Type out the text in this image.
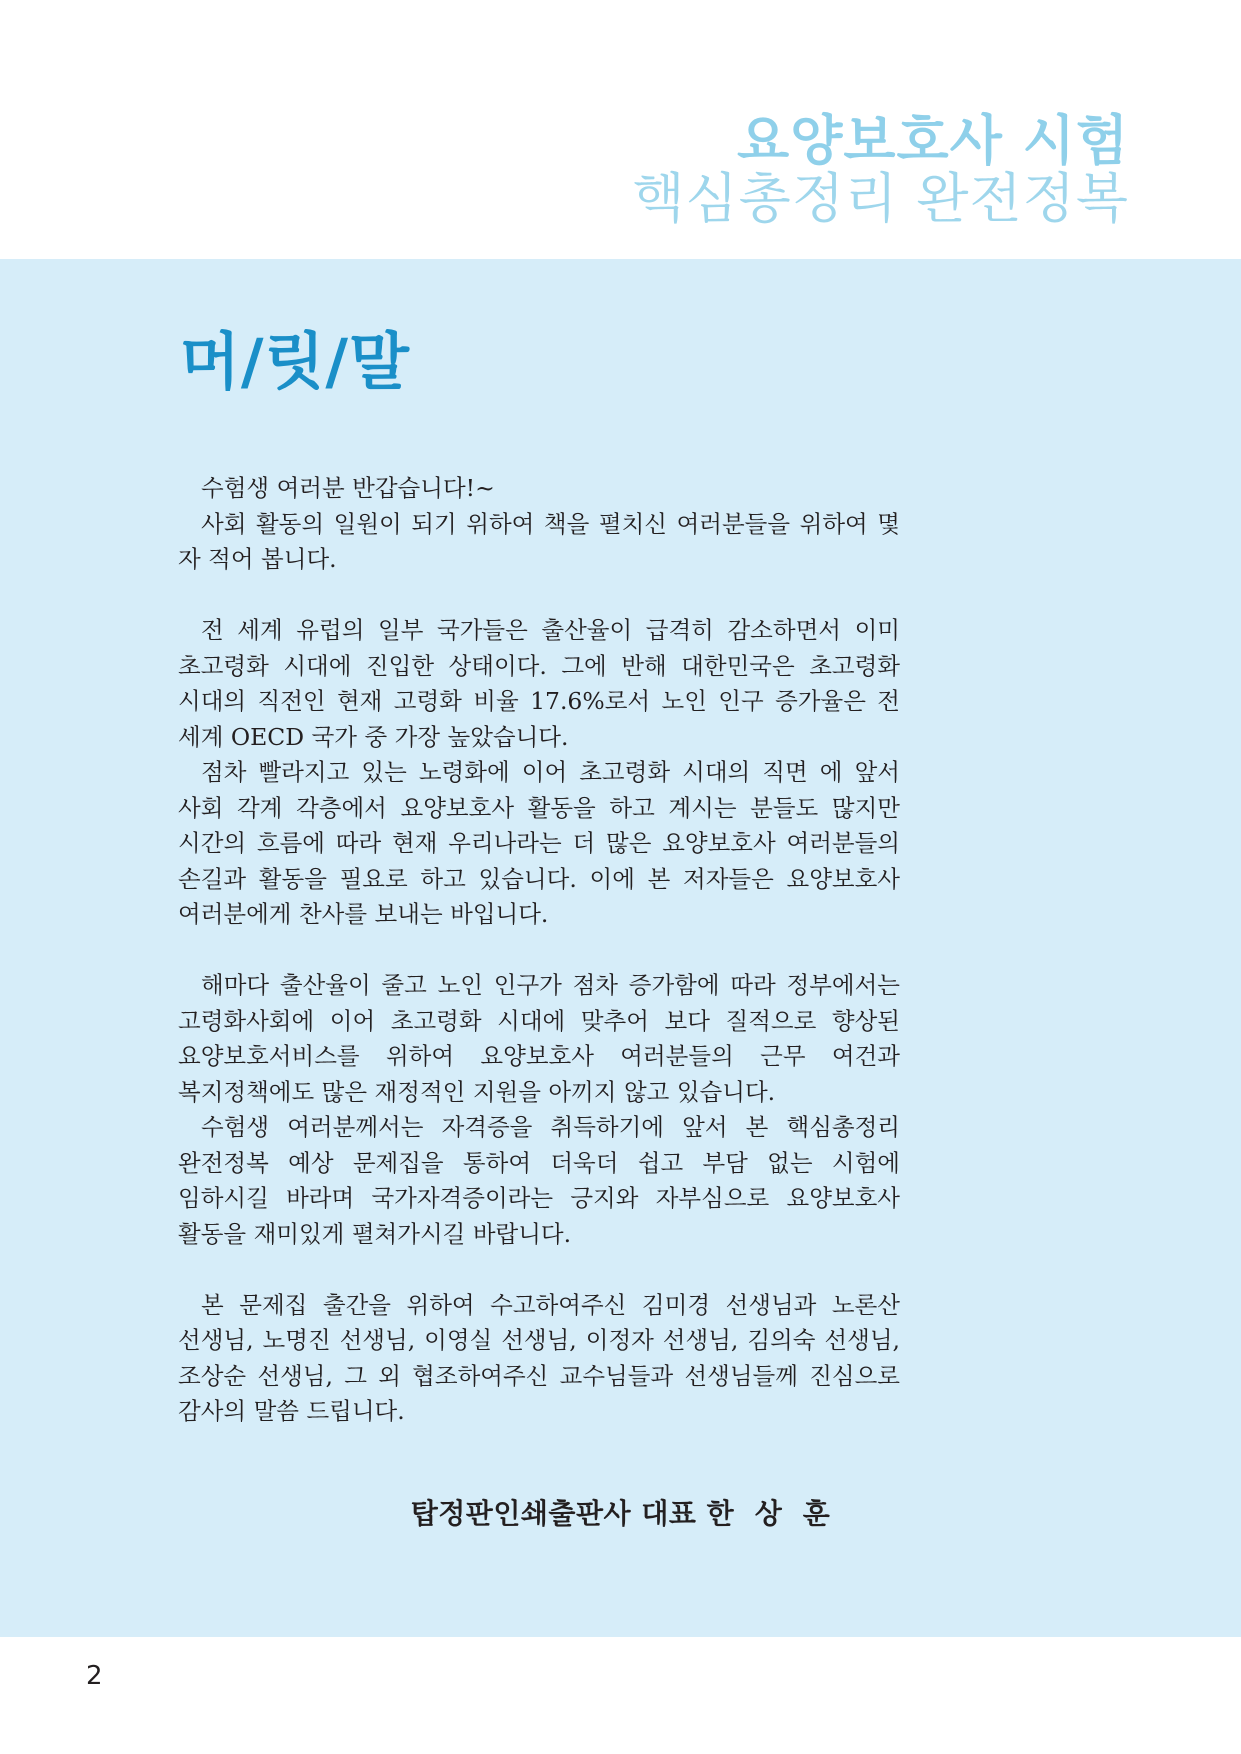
요양보호사 시험
핵심총정리 완전정복
머/릿/말

수험생 여러분 반갑습니다!~

사회 활동의 일원이 되기 위하여 책을 펼치신 여러분들을 위하여 몇 자 적어 봅니다.

전 세계 유럽의 일부 국가들은 출산율이 급격히 감소하면서 이미 초고령화 시대에 진입한 상태이다. 그에 반해 대한민국은 초고령화 시대의 직전인 현재 고령화 비율 17.6%로서 노인 인구 증가율은 전 세계 OECD 국가 중 가장 높았습니다.

점차 빨라지고 있는 노령화에 이어 초고령화 시대의 직면 에 앞서 사회 각계 각층에서 요양보호사 활동을 하고 계시는 분들도 많지만 시간의 흐름에 따라 현재 우리나라는 더 많은 요양보호사 여러분들의 손길과 활동을 필요로 하고 있습니다. 이에 본 저자들은 요양보호사 여러분에게 찬사를 보내는 바입니다.

해마다 출산율이 줄고 노인 인구가 점차 증가함에 따라 정부에서는 고령화사회에 이어 초고령화 시대에 맞추어 보다 질적으로 향상된 요양보호서비스를 위하여 요양보호사 여러분들의 근무 여건과 복지정책에도 많은 재정적인 지원을 아끼지 않고 있습니다.

수험생 여러분께서는 자격증을 취득하기에 앞서 본 핵심총정리 완전정복 예상 문제집을 통하여 더욱더 쉽고 부담 없는 시험에 임하시길 바라며 국가자격증이라는 긍지와 자부심으로 요양보호사 활동을 재미있게 펼쳐가시길 바랍니다.

본 문제집 출간을 위하여 수고하여주신 김미경 선생님과 노론산 선생님, 노명진 선생님, 이영실 선생님, 이정자 선생님, 김의숙 선생님, 조상순 선생님, 그 외 협조하여주신 교수님들과 선생님들께 진심으로 감사의 말씀 드립니다.

탑정판인쇄출판사 대표 한  상  훈
2
